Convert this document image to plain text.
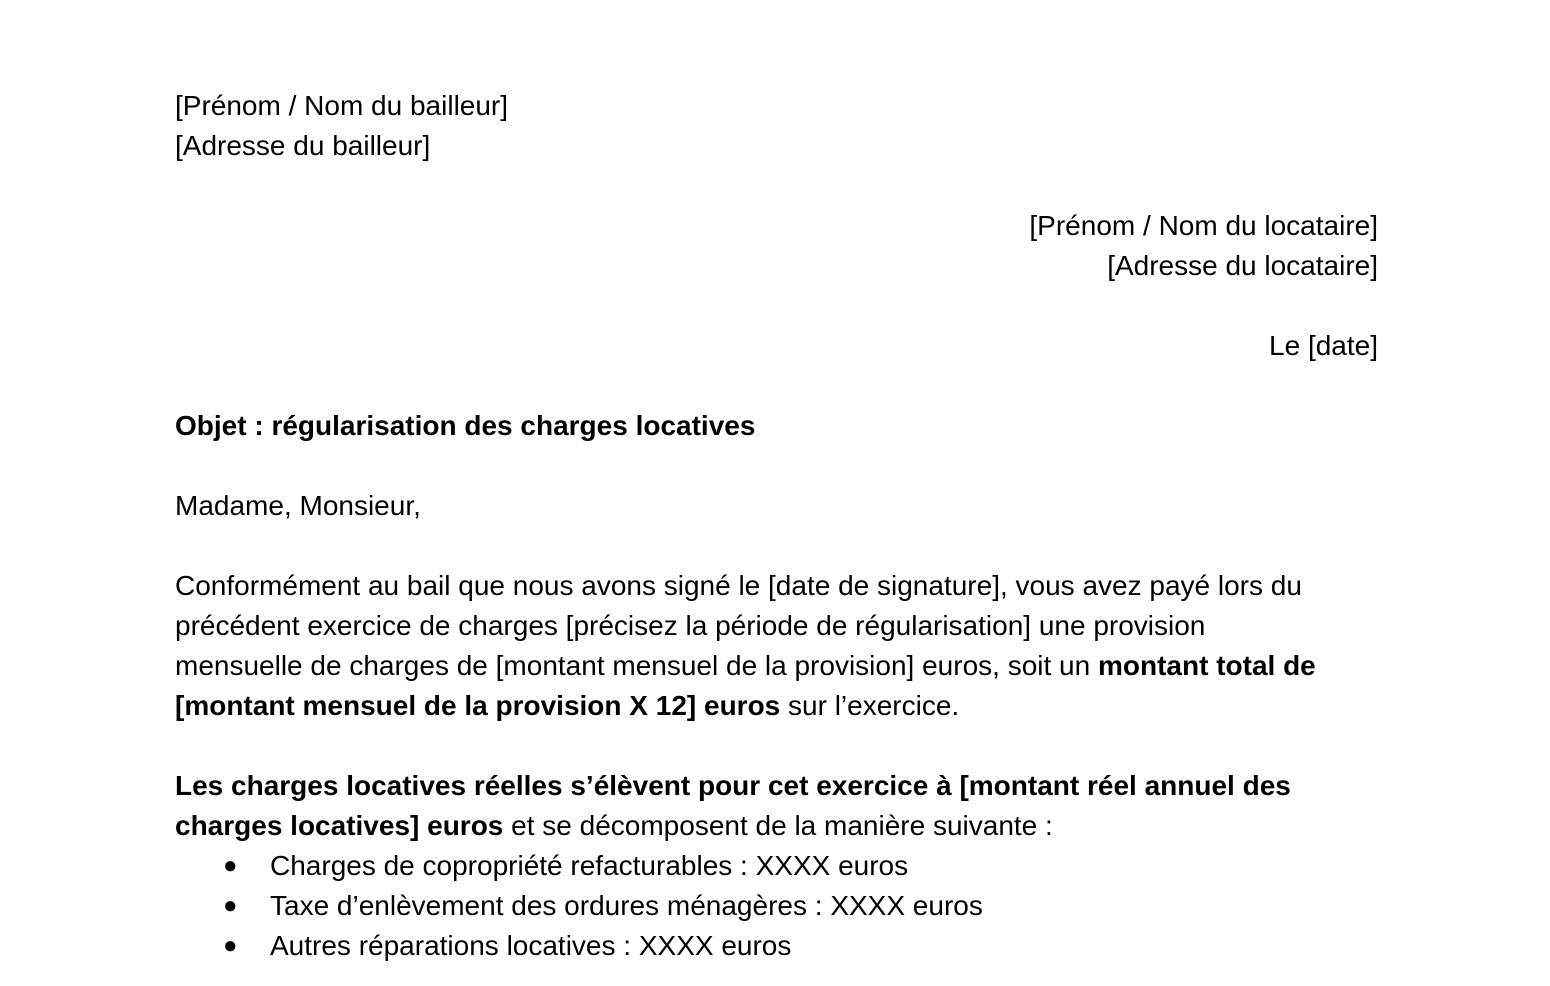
[Prénom / Nom du bailleur]
[Adresse du bailleur]
[Prénom / Nom du locataire]
[Adresse du locataire]
Le [date]
Objet : régularisation des charges locatives
Madame, Monsieur,
Conformément au bail que nous avons signé le [date de signature], vous avez payé lors du
précédent exercice de charges [précisez la période de régularisation] une provision
mensuelle de charges de [montant mensuel de la provision] euros, soit un montant total de
[montant mensuel de la provision X 12] euros sur l’exercice.
Les charges locatives réelles s’élèvent pour cet exercice à [montant réel annuel des
charges locatives] euros et se décomposent de la manière suivante :
● Charges de copropriété refacturables : XXXX euros
● Taxe d’enlèvement des ordures ménagères : XXXX euros
● Autres réparations locatives : XXXX euros
